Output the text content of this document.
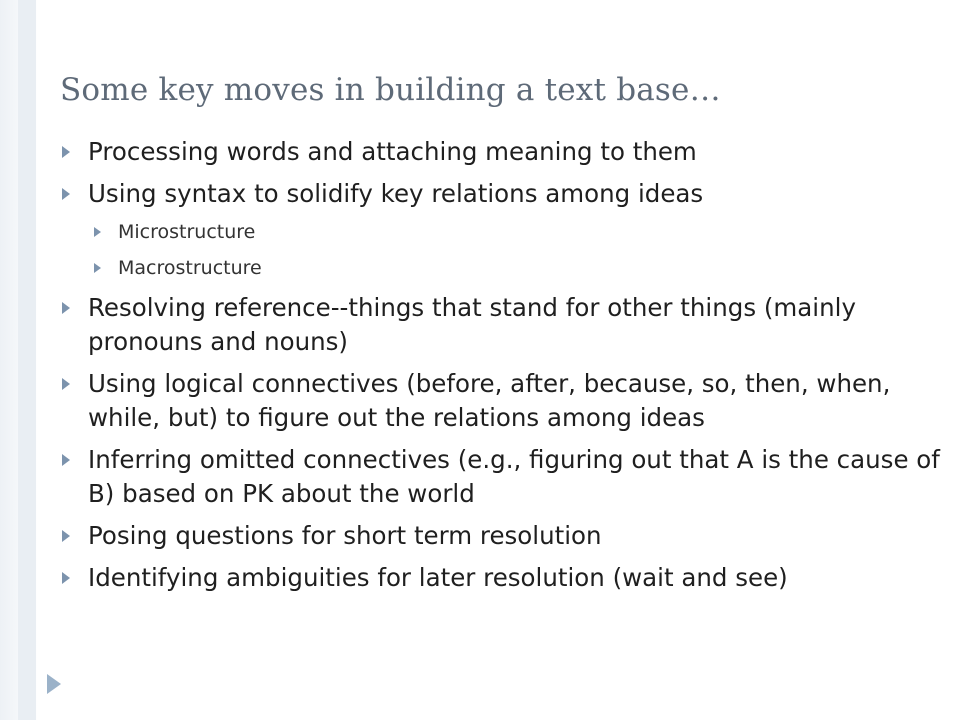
Some key moves in building a text base…
Processing words and attaching meaning to them
Using syntax to solidify key relations among ideas
Microstructure
Macrostructure
Resolving reference--things that stand for other things (mainly pronouns and nouns)
Using logical connectives (before, after, because, so, then, when, while, but) to figure out the relations among ideas
Inferring omitted connectives (e.g., figuring out that A is the cause of B) based on PK about the world
Posing questions for short term resolution
Identifying ambiguities for later resolution (wait and see)
